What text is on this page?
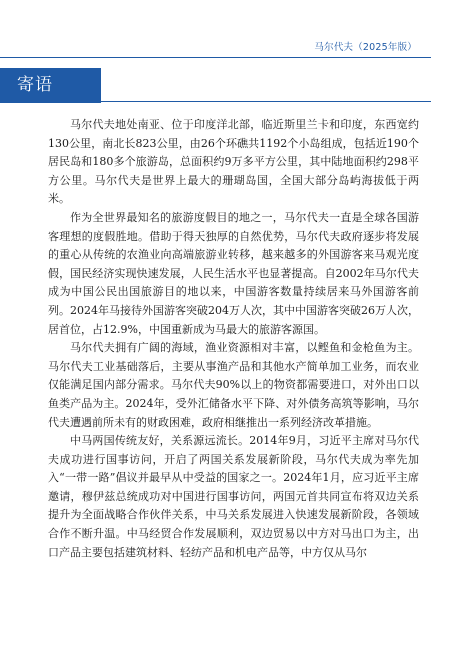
马尔代夫（2025年版）
寄语

马尔代夫地处南亚、位于印度洋北部，临近斯里兰卡和印度，东西宽约130公里，南北长823公里，由26个环礁共1192个小岛组成，包括近190个居民岛和180多个旅游岛，总面积约9万多平方公里，其中陆地面积约298平方公里。马尔代夫是世界上最大的珊瑚岛国，全国大部分岛屿海拔低于两米。

作为全世界最知名的旅游度假目的地之一，马尔代夫一直是全球各国游客理想的度假胜地。借助于得天独厚的自然优势，马尔代夫政府逐步将发展的重心从传统的农渔业向高端旅游业转移，越来越多的外国游客来马观光度假，国民经济实现快速发展，人民生活水平也显著提高。自2002年马尔代夫成为中国公民出国旅游目的地以来，中国游客数量持续居来马外国游客前列。2024年马接待外国游客突破204万人次，其中中国游客突破26万人次，居首位，占12.9%，中国重新成为马最大的旅游客源国。

马尔代夫拥有广阔的海域，渔业资源相对丰富，以鲣鱼和金枪鱼为主。马尔代夫工业基础落后，主要从事渔产品和其他水产简单加工业务，而农业仅能满足国内部分需求。马尔代夫90%以上的物资都需要进口，对外出口以鱼类产品为主。2024年，受外汇储备水平下降、对外债务高筑等影响，马尔代夫遭遇前所未有的财政困难，政府相继推出一系列经济改革措施。

中马两国传统友好，关系源远流长。2014年9月，习近平主席对马尔代夫成功进行国事访问，开启了两国关系发展新阶段，马尔代夫成为率先加入“一带一路”倡议并最早从中受益的国家之一。2024年1月，应习近平主席邀请，穆伊兹总统成功对中国进行国事访问，两国元首共同宣布将双边关系提升为全面战略合作伙伴关系，中马关系发展进入快速发展新阶段，各领域合作不断升温。中马经贸合作发展顺利，双边贸易以中方对马出口为主，出口产品主要包括建筑材料、轻纺产品和机电产品等，中方仅从马尔
